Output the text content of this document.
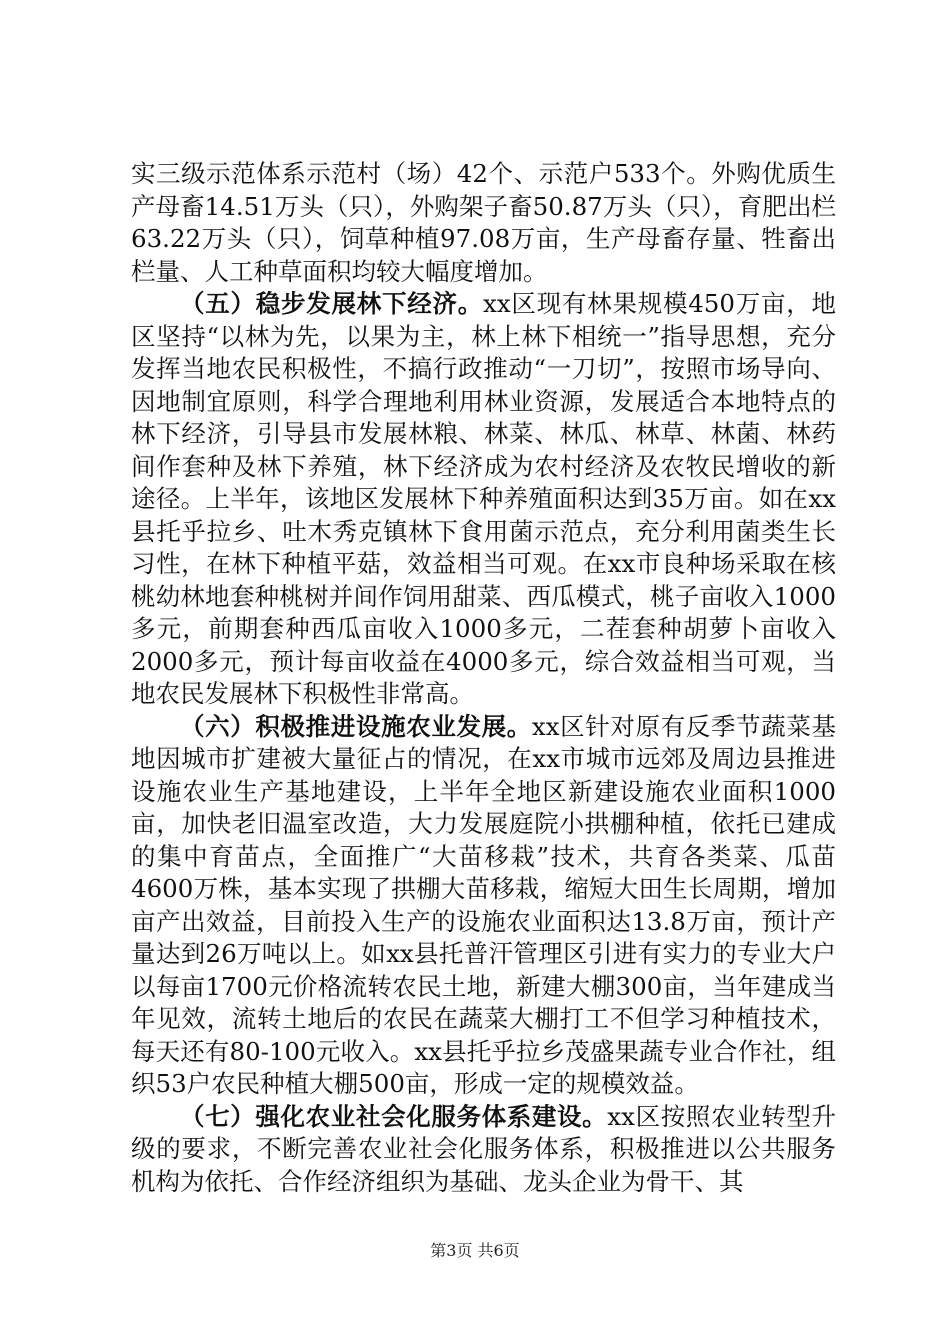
实三级示范体系示范村（场）42个、示范户533个。外购优质生产母畜14.51万头（只），外购架子畜50.87万头（只），育肥出栏63.22万头（只），饲草种植97.08万亩，生产母畜存量、牲畜出栏量、人工种草面积均较大幅度增加。

（五）稳步发展林下经济。xx区现有林果规模450万亩，地区坚持“以林为先，以果为主，林上林下相统一”指导思想，充分发挥当地农民积极性，不搞行政推动“一刀切”，按照市场导向、因地制宜原则，科学合理地利用林业资源，发展适合本地特点的林下经济，引导县市发展林粮、林菜、林瓜、林草、林菌、林药间作套种及林下养殖，林下经济成为农村经济及农牧民增收的新途径。上半年，该地区发展林下种养殖面积达到35万亩。如在xx县托乎拉乡、吐木秀克镇林下食用菌示范点，充分利用菌类生长习性，在林下种植平菇，效益相当可观。在xx市良种场采取在核桃幼林地套种桃树并间作饲用甜菜、西瓜模式，桃子亩收入1000多元，前期套种西瓜亩收入1000多元，二茬套种胡萝卜亩收入2000多元，预计每亩收益在4000多元，综合效益相当可观，当地农民发展林下积极性非常高。

（六）积极推进设施农业发展。xx区针对原有反季节蔬菜基地因城市扩建被大量征占的情况，在xx市城市远郊及周边县推进设施农业生产基地建设，上半年全地区新建设施农业面积1000亩，加快老旧温室改造，大力发展庭院小拱棚种植，依托已建成的集中育苗点，全面推广“大苗移栽”技术，共育各类菜、瓜苗4600万株，基本实现了拱棚大苗移栽，缩短大田生长周期，增加亩产出效益，目前投入生产的设施农业面积达13.8万亩，预计产量达到26万吨以上。如xx县托普汗管理区引进有实力的专业大户以每亩1700元价格流转农民土地，新建大棚300亩，当年建成当年见效，流转土地后的农民在蔬菜大棚打工不但学习种植技术，每天还有80-100元收入。xx县托乎拉乡茂盛果蔬专业合作社，组织53户农民种植大棚500亩，形成一定的规模效益。

（七）强化农业社会化服务体系建设。xx区按照农业转型升级的要求，不断完善农业社会化服务体系，积极推进以公共服务机构为依托、合作经济组织为基础、龙头企业为骨干、其

第3页 共6页
